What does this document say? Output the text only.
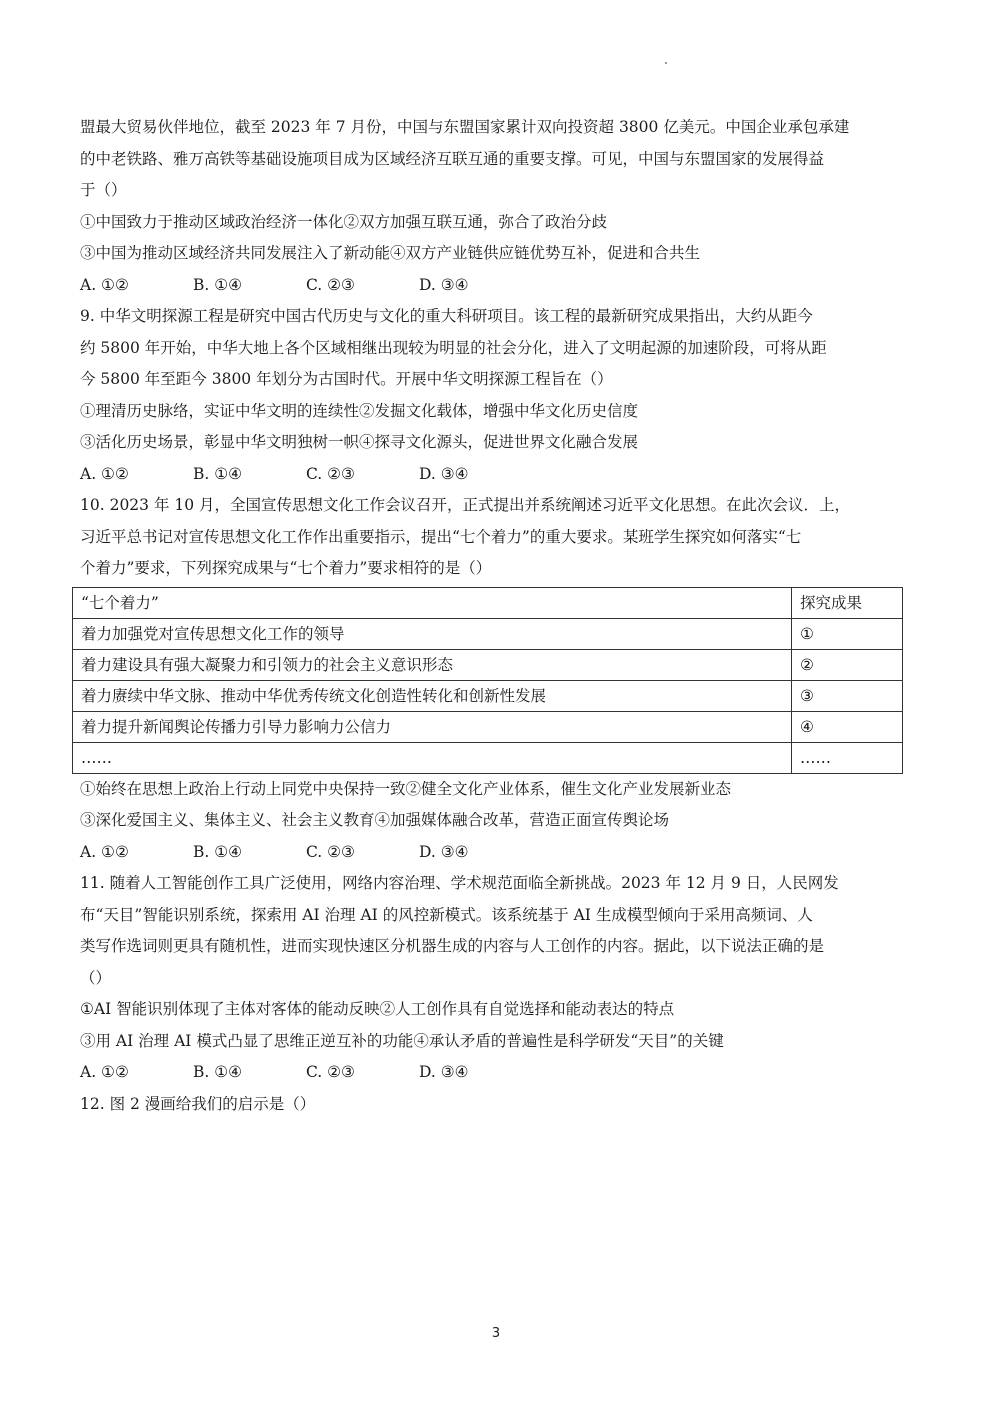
盟最大贸易伙伴地位，截至 2023 年 7 月份，中国与东盟国家累计双向投资超 3800 亿美元。中国企业承包承建

的中老铁路、雅万高铁等基础设施项目成为区域经济互联互通的重要支撑。可见，中国与东盟国家的发展得益

于（）

①中国致力于推动区域政治经济一体化②双方加强互联互通，弥合了政治分歧

③中国为推动区域经济共同发展注入了新动能④双方产业链供应链优势互补，促进和合共生

A. ①②	B. ①④	C. ②③	D. ③④

9. 中华文明探源工程是研究中国古代历史与文化的重大科研项目。该工程的最新研究成果指出，大约从距今

约 5800 年开始，中华大地上各个区域相继出现较为明显的社会分化，进入了文明起源的加速阶段，可将从距

今 5800 年至距今 3800 年划分为古国时代。开展中华文明探源工程旨在（）

①理清历史脉络，实证中华文明的连续性②发掘文化载体，增强中华文化历史信度

③活化历史场景，彰显中华文明独树一帜④探寻文化源头，促进世界文化融合发展

A. ①②	B. ①④	C. ②③	D. ③④

10. 2023 年 10 月，全国宣传思想文化工作会议召开，正式提出并系统阐述习近平文化思想。在此次会议．上，

习近平总书记对宣传思想文化工作作出重要指示，提出“七个着力”的重大要求。某班学生探究如何落实“七

个着力”要求，下列探究成果与“七个着力”要求相符的是（）

“七个着力”	探究成果
着力加强党对宣传思想文化工作的领导	①
着力建设具有强大凝聚力和引领力的社会主义意识形态	②
着力赓续中华文脉、推动中华优秀传统文化创造性转化和创新性发展	③
着力提升新闻舆论传播力引导力影响力公信力	④
……	……

①始终在思想上政治上行动上同党中央保持一致②健全文化产业体系，催生文化产业发展新业态

③深化爱国主义、集体主义、社会主义教育④加强媒体融合改革，营造正面宣传舆论场

A. ①②	B. ①④	C. ②③	D. ③④

11. 随着人工智能创作工具广泛使用，网络内容治理、学术规范面临全新挑战。2023 年 12 月 9 日，人民网发

布“天目”智能识别系统，探索用 AI 治理 AI 的风控新模式。该系统基于 AI 生成模型倾向于采用高频词、人

类写作选词则更具有随机性，进而实现快速区分机器生成的内容与人工创作的内容。据此，以下说法正确的是

（）

①AI 智能识别体现了主体对客体的能动反映②人工创作具有自觉选择和能动表达的特点

③用 AI 治理 AI 模式凸显了思维正逆互补的功能④承认矛盾的普遍性是科学研发“天目”的关键

A. ①②	B. ①④	C. ②③	D. ③④

12. 图 2 漫画给我们的启示是（）

3
